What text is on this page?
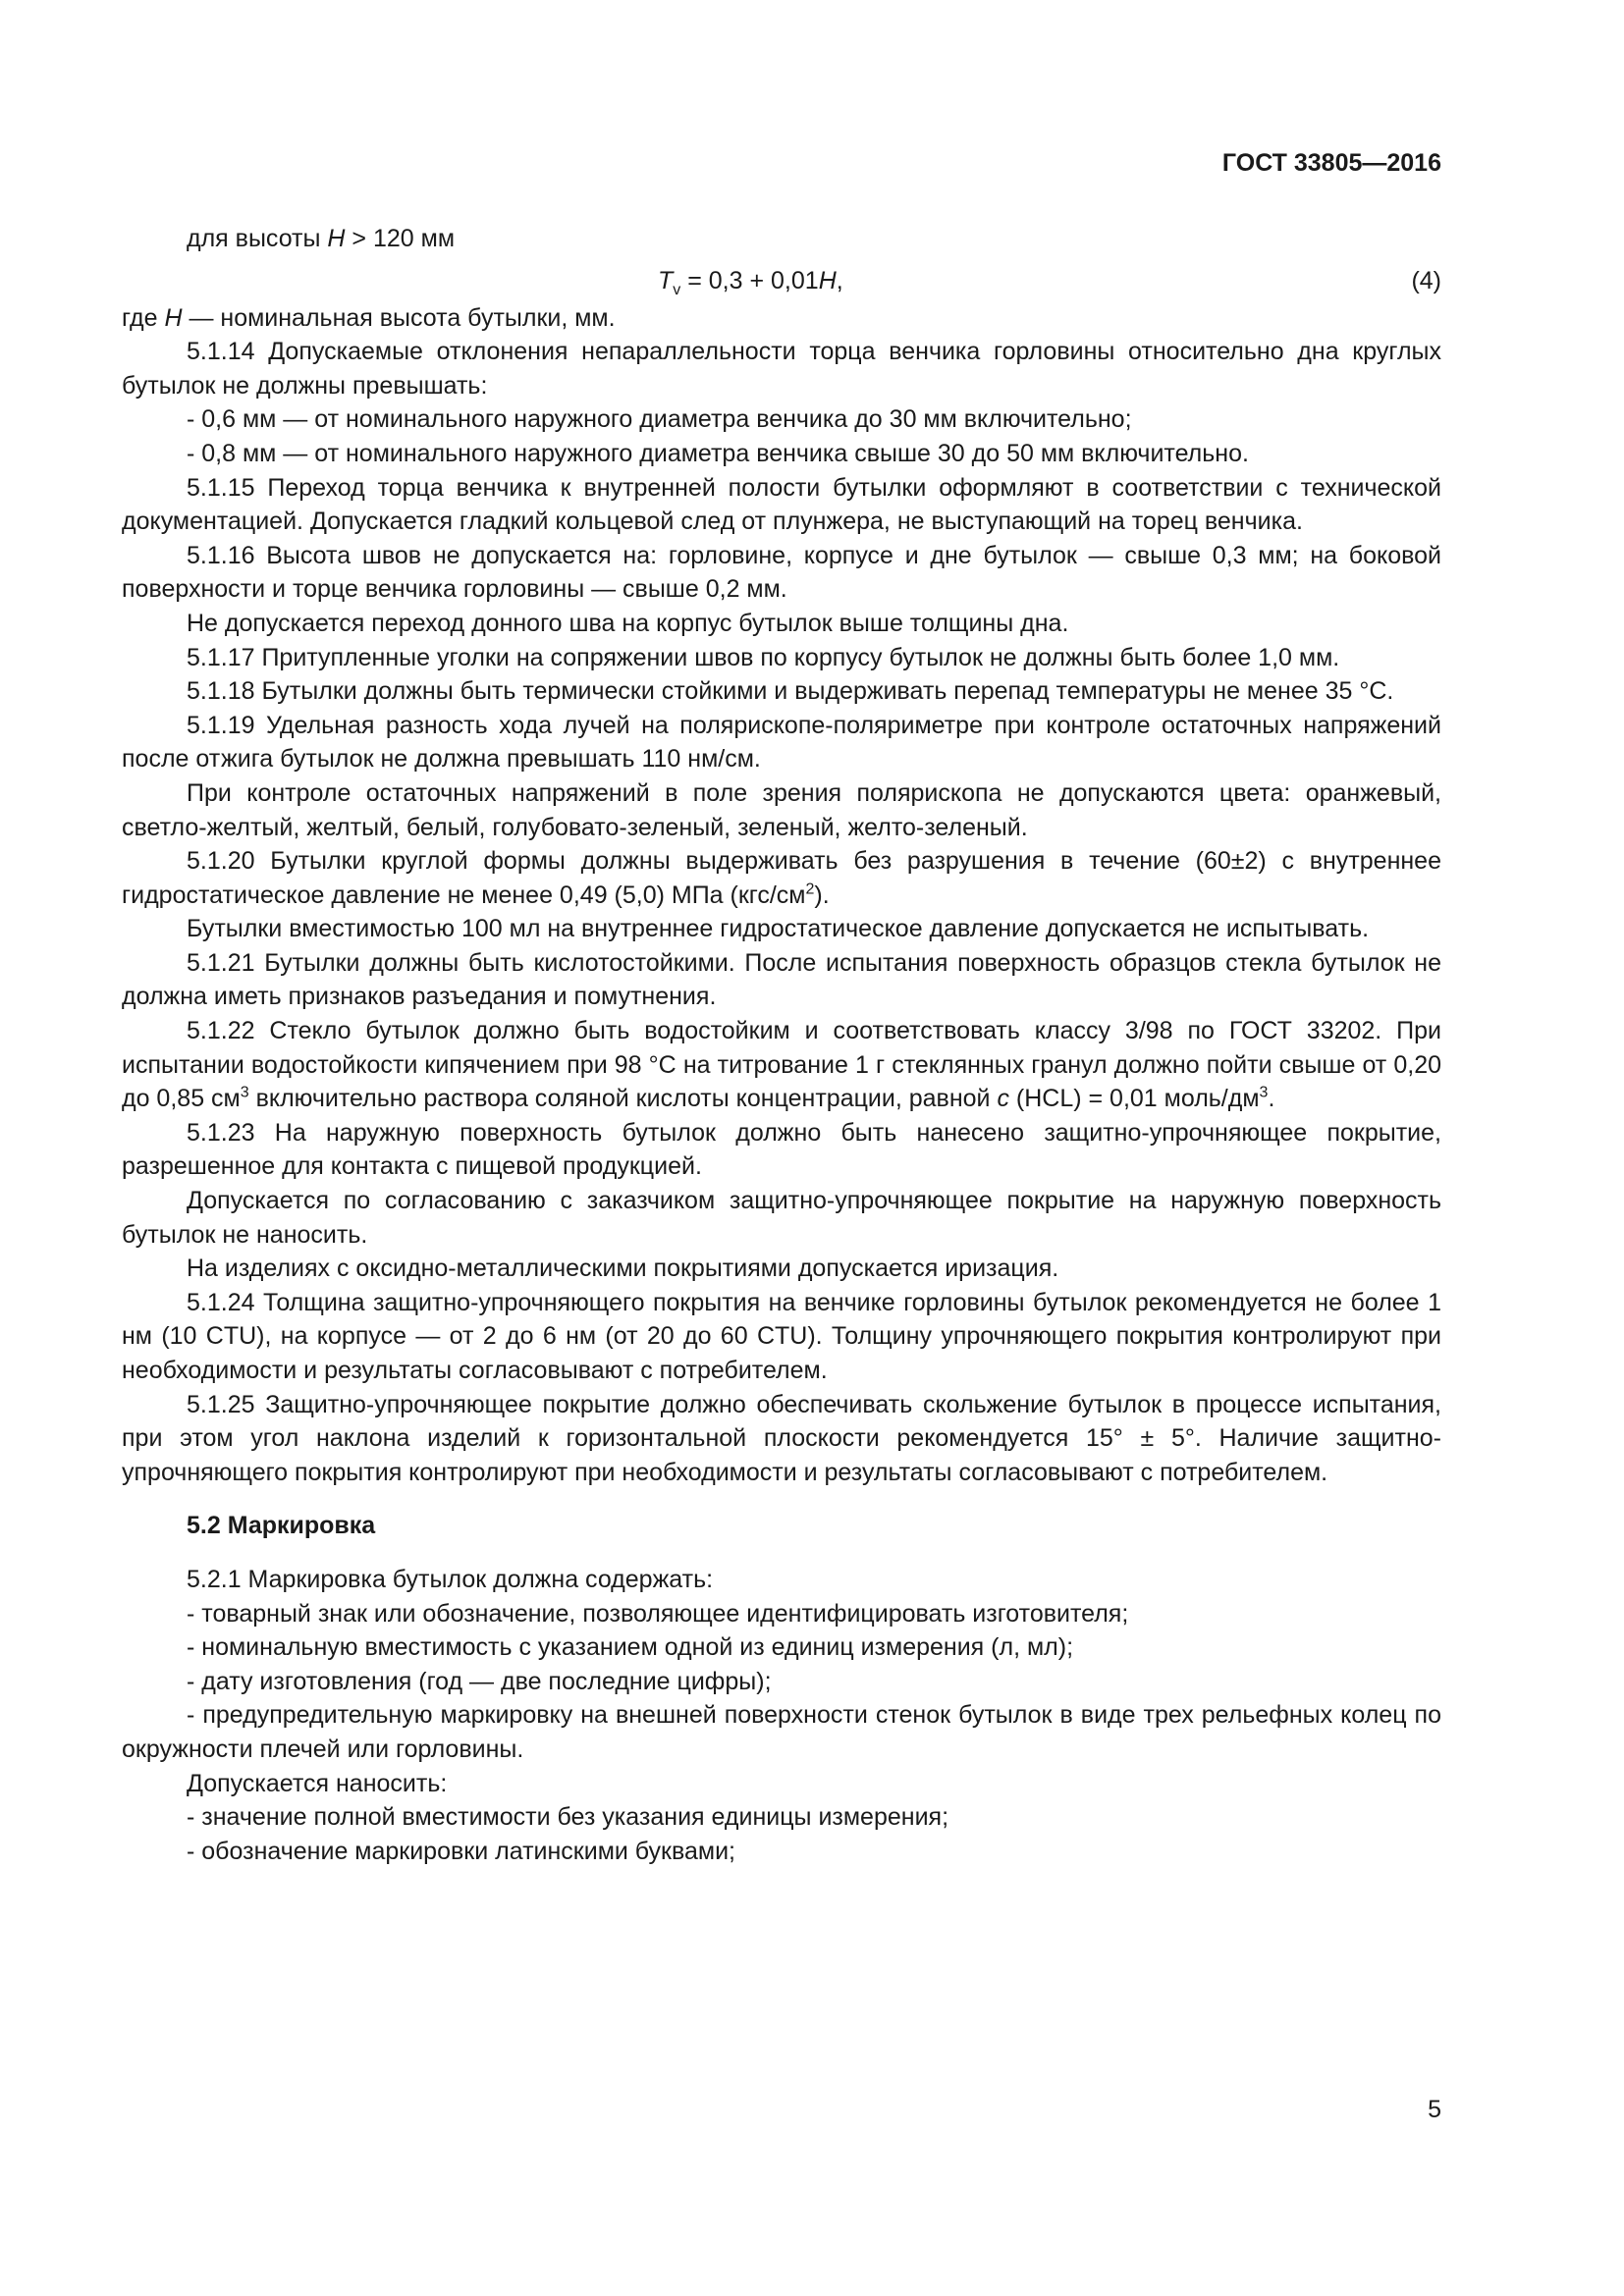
ГОСТ 33805—2016

для высоты H > 120 мм

$T_v = 0,3 + 0,01H$,	(4)

где H — номинальная высота бутылки, мм.

5.1.14 Допускаемые отклонения непараллельности торца венчика горловины относительно дна круглых бутылок не должны превышать:

- 0,6 мм — от номинального наружного диаметра венчика до 30 мм включительно;

- 0,8 мм — от номинального наружного диаметра венчика свыше 30 до 50 мм включительно.

5.1.15 Переход торца венчика к внутренней полости бутылки оформляют в соответствии с технической документацией. Допускается гладкий кольцевой след от плунжера, не выступающий на торец венчика.

5.1.16 Высота швов не допускается на: горловине, корпусе и дне бутылок — свыше 0,3 мм; на боковой поверхности и торце венчика горловины — свыше 0,2 мм.

Не допускается переход донного шва на корпус бутылок выше толщины дна.

5.1.17 Притупленные уголки на сопряжении швов по корпусу бутылок не должны быть более 1,0 мм.

5.1.18 Бутылки должны быть термически стойкими и выдерживать перепад температуры не менее 35 °С.

5.1.19 Удельная разность хода лучей на полярископе-поляриметре при контроле остаточных напряжений после отжига бутылок не должна превышать 110 нм/см.

При контроле остаточных напряжений в поле зрения полярископа не допускаются цвета: оранжевый, светло-желтый, желтый, белый, голубовато-зеленый, зеленый, желто-зеленый.

5.1.20 Бутылки круглой формы должны выдерживать без разрушения в течение (60±2) с внутреннее гидростатическое давление не менее 0,49 (5,0) МПа $(кгс/см^2)$.

Бутылки вместимостью 100 мл на внутреннее гидростатическое давление допускается не испытывать.

5.1.21 Бутылки должны быть кислотостойкими. После испытания поверхность образцов стекла бутылок не должна иметь признаков разъедания и помутнения.

5.1.22 Стекло бутылок должно быть водостойким и соответствовать классу 3/98 по ГОСТ 33202. При испытании водостойкости кипячением при 98 °С на титрование 1 г стеклянных гранул должно пойти свыше от 0,20 до 0,85 $см^3$ включительно раствора соляной кислоты концентрации, равной c (HCL) = 0,01 моль/$дм^3$.

5.1.23 На наружную поверхность бутылок должно быть нанесено защитно-упрочняющее покрытие, разрешенное для контакта с пищевой продукцией.

Допускается по согласованию с заказчиком защитно-упрочняющее покрытие на наружную поверхность бутылок не наносить.

На изделиях с оксидно-металлическими покрытиями допускается иризация.

5.1.24 Толщина защитно-упрочняющего покрытия на венчике горловины бутылок рекомендуется не более 1 нм (10 CTU), на корпусе — от 2 до 6 нм (от 20 до 60 CTU). Толщину упрочняющего покрытия контролируют при необходимости и результаты согласовывают с потребителем.

5.1.25 Защитно-упрочняющее покрытие должно обеспечивать скольжение бутылок в процессе испытания, при этом угол наклона изделий к горизонтальной плоскости рекомендуется 15° ± 5°. Наличие защитно-упрочняющего покрытия контролируют при необходимости и результаты согласовывают с потребителем.

5.2 Маркировка

5.2.1 Маркировка бутылок должна содержать:

- товарный знак или обозначение, позволяющее идентифицировать изготовителя;

- номинальную вместимость с указанием одной из единиц измерения (л, мл);

- дату изготовления (год — две последние цифры);

- предупредительную маркировку на внешней поверхности стенок бутылок в виде трех рельефных колец по окружности плечей или горловины.

Допускается наносить:

- значение полной вместимости без указания единицы измерения;

- обозначение маркировки латинскими буквами;

5
